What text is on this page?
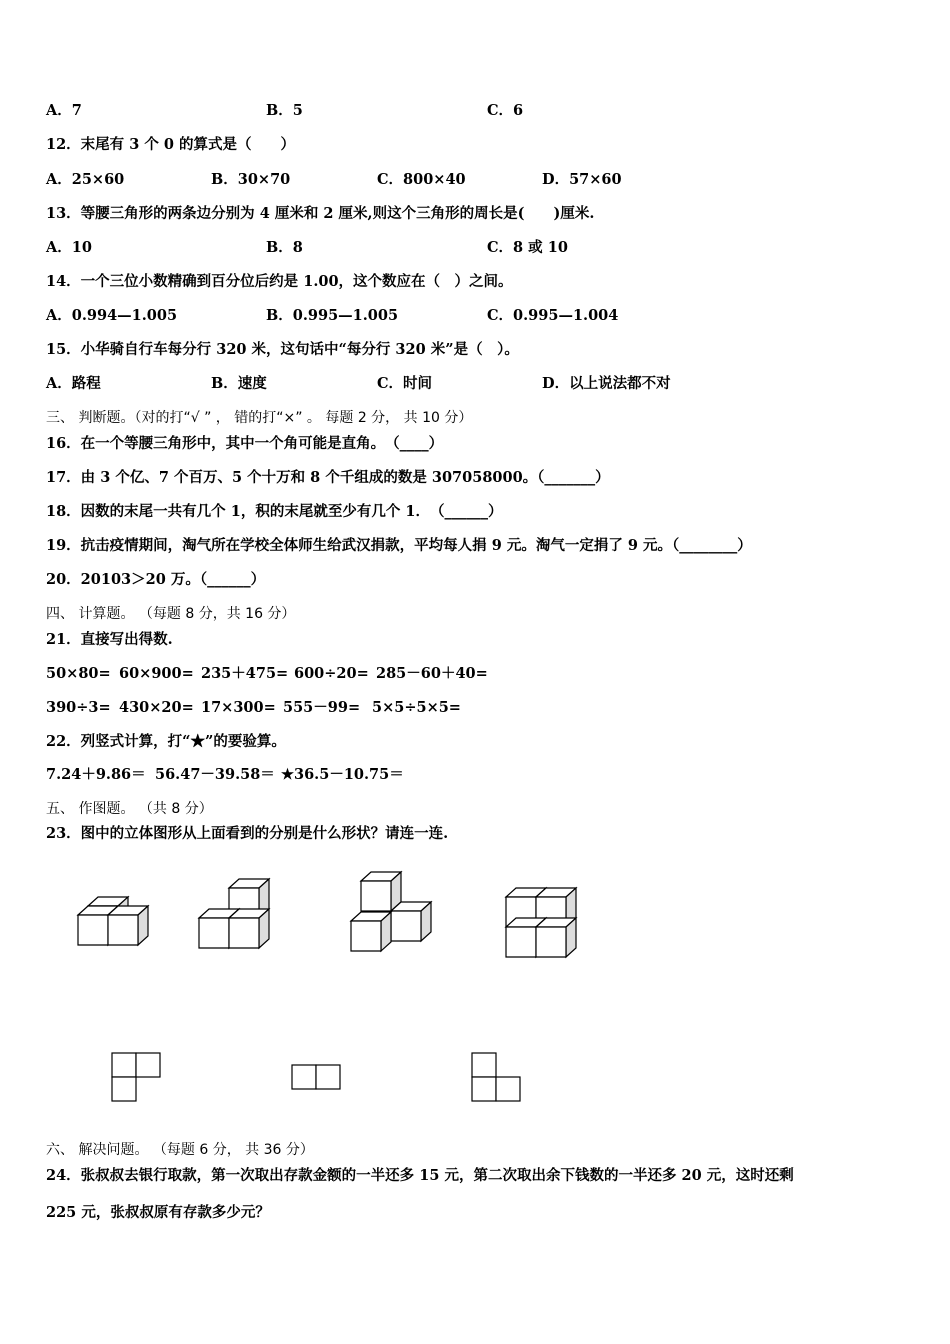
A．7	B．5	C．6
12．末尾有 3 个 0 的算式是（　　）
A．25×60	B．30×70	C．800×40	D．57×60
13．等腰三角形的两条边分别为 4 厘米和 2 厘米,则这个三角形的周长是(　　)厘米.
A．10	B．8	C．8 或 10
14．一个三位小数精确到百分位后约是 1.00，这个数应在（　）之间。
A．0.994—1.005	B．0.995—1.005	C．0.995—1.004
15．小华骑自行车每分行 320 米，这句话中“每分行 320 米”是（　）。
A．路程	B．速度	C．时间	D．以上说法都不对
三、 判断题。（对的打“√ ” ， 错的打“×” 。 每题 2 分， 共 10 分）
16．在一个等腰三角形中，其中一个角可能是直角。　（____）
17．由 3 个亿、7 个百万、5 个十万和 8 个千组成的数是 307058000。（_______）
18．因数的末尾一共有几个 1，积的末尾就至少有几个 1．　（______）
19．抗击疫情期间，淘气所在学校全体师生给武汉捐款，平均每人捐 9 元。淘气一定捐了 9 元。（________）
20．20103＞20 万。（______）
四、 计算题。 （每题 8 分，共 16 分）
21．直接写出得数.
50×80= 60×900= 235＋475= 600÷20= 285－60＋40=
390÷3= 430×20= 17×300= 555－99= 5×5÷5×5=
22．列竖式计算，打“★”的要验算。
7.24＋9.86＝ 56.47－39.58＝ ★36.5－10.75＝
五、 作图题。 （共 8 分）
23．图中的立体图形从上面看到的分别是什么形状？请连一连.
六、 解决问题。 （每题 6 分， 共 36 分）
24．张叔叔去银行取款，第一次取出存款金额的一半还多 15 元，第二次取出余下钱数的一半还多 20 元，这时还剩
225 元，张叔叔原有存款多少元？
